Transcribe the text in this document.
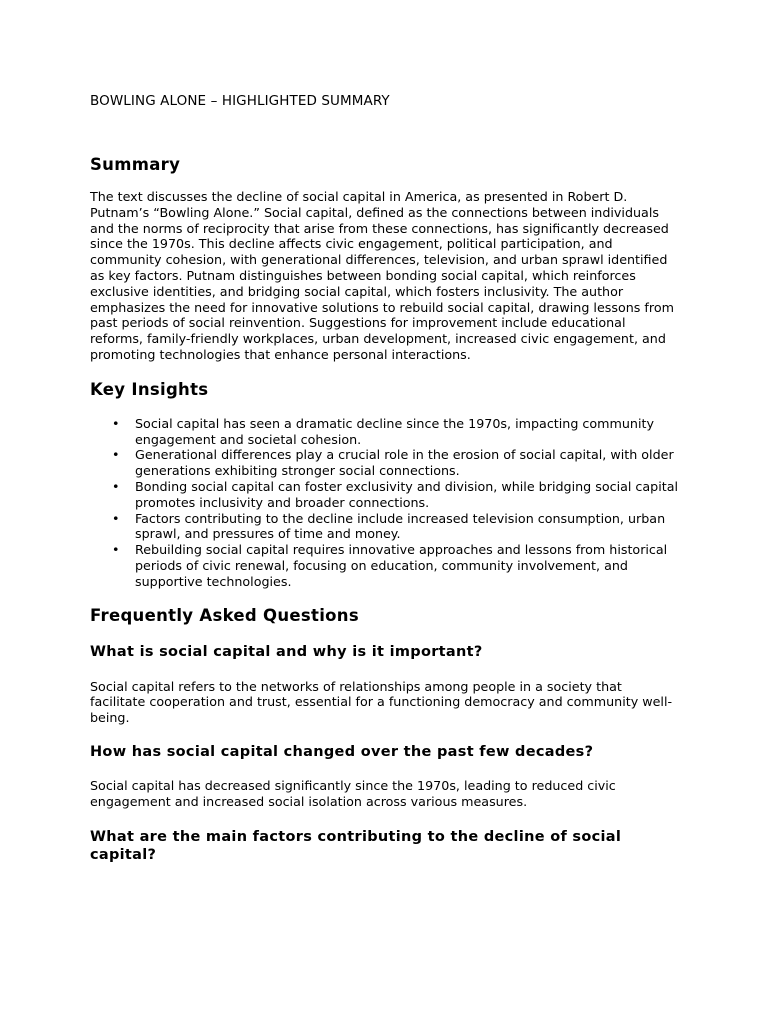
BOWLING ALONE – HIGHLIGHTED SUMMARY

Summary

The text discusses the decline of social capital in America, as presented in Robert D. Putnam’s “Bowling Alone.” Social capital, defined as the connections between individuals and the norms of reciprocity that arise from these connections, has significantly decreased since the 1970s. This decline affects civic engagement, political participation, and community cohesion, with generational differences, television, and urban sprawl identified as key factors. Putnam distinguishes between bonding social capital, which reinforces exclusive identities, and bridging social capital, which fosters inclusivity. The author emphasizes the need for innovative solutions to rebuild social capital, drawing lessons from past periods of social reinvention. Suggestions for improvement include educational reforms, family-friendly workplaces, urban development, increased civic engagement, and promoting technologies that enhance personal interactions.

Key Insights
• Social capital has seen a dramatic decline since the 1970s, impacting community engagement and societal cohesion.
• Generational differences play a crucial role in the erosion of social capital, with older generations exhibiting stronger social connections.
• Bonding social capital can foster exclusivity and division, while bridging social capital promotes inclusivity and broader connections.
• Factors contributing to the decline include increased television consumption, urban sprawl, and pressures of time and money.
• Rebuilding social capital requires innovative approaches and lessons from historical periods of civic renewal, focusing on education, community involvement, and supportive technologies.
Frequently Asked Questions
What is social capital and why is it important?

Social capital refers to the networks of relationships among people in a society that facilitate cooperation and trust, essential for a functioning democracy and community well-being.

How has social capital changed over the past few decades?

Social capital has decreased significantly since the 1970s, leading to reduced civic engagement and increased social isolation across various measures.

What are the main factors contributing to the decline of social capital?
